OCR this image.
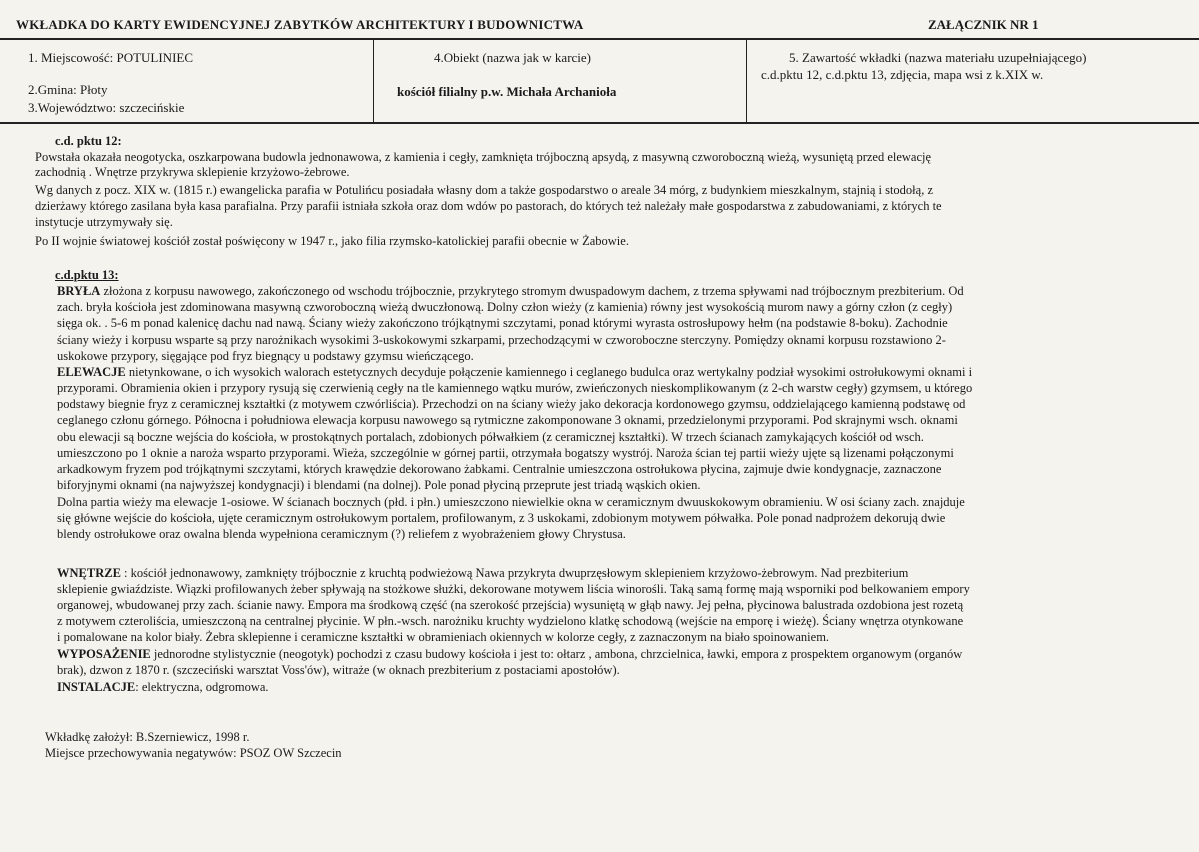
WKŁADKA DO KARTY EWIDENCYJNEJ ZABYTKÓW ARCHITEKTURY I BUDOWNICTWA	ZAŁĄCZNIK NR 1
1. Miejscowość: POTULINIEC
2.Gmina: Płoty
3.Województwo: szczecińskie
4.Obiekt (nazwa jak w karcie)
kościół filialny p.w. Michała Archanioła
5. Zawartość wkładki (nazwa materiału uzupełniającego)
c.d.pktu 12, c.d.pktu 13, zdjęcia, mapa wsi z k.XIX w.
c.d. pktu 12:
Powstała okazała neogotycka, oszkarpowana budowla jednonawowa, z kamienia i cegły, zamknięta trójboczną apsydą, z masywną czworoboczną wieżą, wysuniętą przed elewację
zachodnią . Wnętrze przykrywa sklepienie krzyżowo-żebrowe.
Wg danych z pocz. XIX w. (1815 r.) ewangelicka parafia w Potulińcu posiadała własny dom a także gospodarstwo o areale 34 mórg, z budynkiem mieszkalnym, stajnią i stodołą, z
dzierżawy którego zasilana była kasa parafialna. Przy parafii istniała szkoła oraz dom wdów po pastorach, do których też należały małe gospodarstwa z zabudowaniami, z których te
instytucje utrzymywały się.
Po II wojnie światowej kościół został poświęcony w 1947 r., jako filia rzymsko-katolickiej parafii obecnie w Żabowie.
c.d.pktu 13:
BRYŁA złożona z korpusu nawowego, zakończonego od wschodu trójbocznie, przykrytego stromym dwuspadowym dachem, z trzema spływami nad trójbocznym prezbiterium. Od
zach. bryła kościoła jest zdominowana masywną czworoboczną wieżą dwuczłonową. Dolny człon wieży (z kamienia) równy jest wysokością murom nawy a górny człon (z cegły)
sięga ok. . 5-6 m ponad kalenicę dachu nad nawą. Ściany wieży zakończono trójkątnymi szczytami, ponad którymi wyrasta ostrosłupowy hełm (na podstawie 8-boku). Zachodnie
ściany wieży i korpusu wsparte są przy narożnikach wysokimi 3-uskokowymi szkarpami, przechodzącymi w czworoboczne sterczyny. Pomiędzy oknami korpusu rozstawiono 2-
uskokowe przypory, sięgające pod fryz biegnący u podstawy gzymsu wieńczącego.
ELEWACJE nietynkowane, o ich wysokich walorach estetycznych decyduje połączenie kamiennego i ceglanego budulca oraz wertykalny podział wysokimi ostrołukowymi oknami i
przyporami. Obramienia okien i przypory rysują się czerwienią cegły na tle kamiennego wątku murów, zwieńczonych nieskomplikowanym (z 2-ch warstw cegły) gzymsem, u którego
podstawy biegnie fryz z ceramicznej kształtki (z motywem czwórliścia). Przechodzi on na ściany wieży jako dekoracja kordonowego gzymsu, oddzielającego kamienną podstawę od
ceglanego członu górnego. Północna i południowa elewacja korpusu nawowego są rytmiczne zakomponowane 3 oknami, przedzielonymi przyporami. Pod skrajnymi wsch. oknami
obu elewacji są boczne wejścia do kościoła, w prostokątnych portalach, zdobionych półwałkiem (z ceramicznej kształtki). W trzech ścianach zamykających kościół od wsch.
umieszczono po 1 oknie a naroża wsparto przyporami. Wieża, szczególnie w górnej partii, otrzymała bogatszy wystrój. Naroża ścian tej partii wieży ujęte są lizenami połączonymi
arkadkowym fryzem pod trójkątnymi szczytami, których krawędzie dekorowano żabkami. Centralnie umieszczona ostrołukowa płycina, zajmuje dwie kondygnacje, zaznaczone
biforyjnymi oknami (na najwyższej kondygnacji) i blendami (na dolnej). Pole ponad płyciną przeprute jest triadą wąskich okien.
Dolna partia wieży ma elewacje 1-osiowe. W ścianach bocznych (płd. i płn.) umieszczono niewielkie okna w ceramicznym dwuuskokowym obramieniu. W osi ściany zach. znajduje
się główne wejście do kościoła, ujęte ceramicznym ostrołukowym portalem, profilowanym, z 3 uskokami, zdobionym motywem półwałka. Pole ponad nadprożem dekorują dwie
blendy ostrołukowe oraz owalna blenda wypełniona ceramicznym (?) reliefem z wyobrażeniem głowy Chrystusa.
WNĘTRZE : kościół jednonawowy, zamknięty trójbocznie z kruchtą podwieżową Nawa przykryta dwuprzęsłowym sklepieniem krzyżowo-żebrowym. Nad prezbiterium
sklepienie gwiaździste. Wiązki profilowanych żeber spływają na stożkowe służki, dekorowane motywem liścia winorośli. Taką samą formę mają wsporniki pod belkowaniem empory
organowej, wbudowanej przy zach. ścianie nawy. Empora ma środkową część (na szerokość przejścia) wysuniętą w głąb nawy. Jej pełna, płycinowa balustrada ozdobiona jest rozetą
z motywem czteroliścia, umieszczoną na centralnej płycinie. W płn.-wsch. narożniku kruchty wydzielono klatkę schodową (wejście na emporę i wieżę). Ściany wnętrza otynkowane
i pomalowane na kolor biały. Żebra sklepienne i ceramiczne kształtki w obramieniach okiennych w kolorze cegły, z zaznaczonym na biało spoinowaniem.
WYPOSAŻENIE jednorodne stylistycznie (neogotyk) pochodzi z czasu budowy kościoła i jest to: ołtarz , ambona, chrzcielnica, ławki, empora z prospektem organowym (organów
brak), dzwon z 1870 r. (szczeciński warsztat Voss'ów), witraże (w oknach prezbiterium z postaciami apostołów).
INSTALACJE: elektryczna, odgromowa.
Wkładkę założył: B.Szerniewicz, 1998 r.
Miejsce przechowywania negatywów: PSOZ OW Szczecin
